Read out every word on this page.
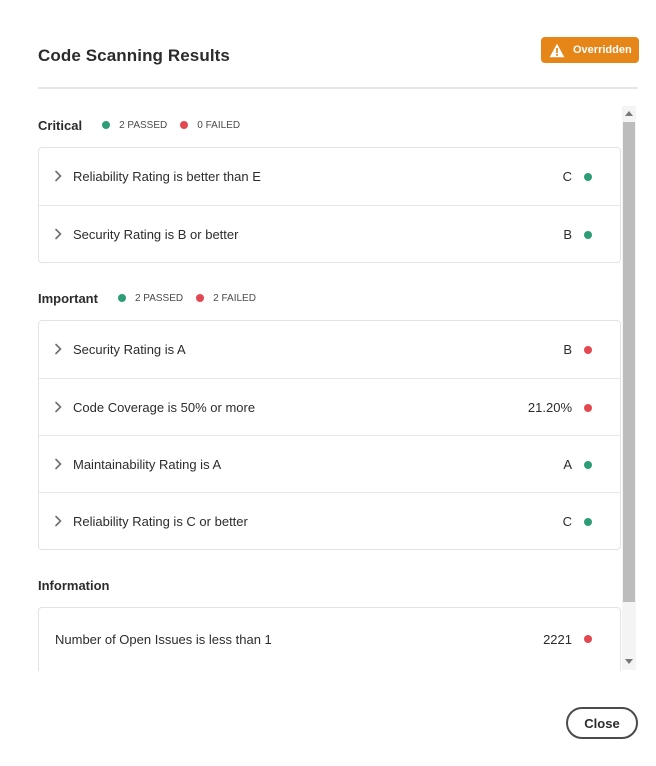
Code Scanning Results	Overridden
Critical	2 PASSED	0 FAILED
Reliability Rating is better than E	C
Security Rating is B or better	B
Important	2 PASSED	2 FAILED
Security Rating is A	B
Code Coverage is 50% or more	21.20%
Maintainability Rating is A	A
Reliability Rating is C or better	C
Information
Number of Open Issues is less than 1	2221
Close
